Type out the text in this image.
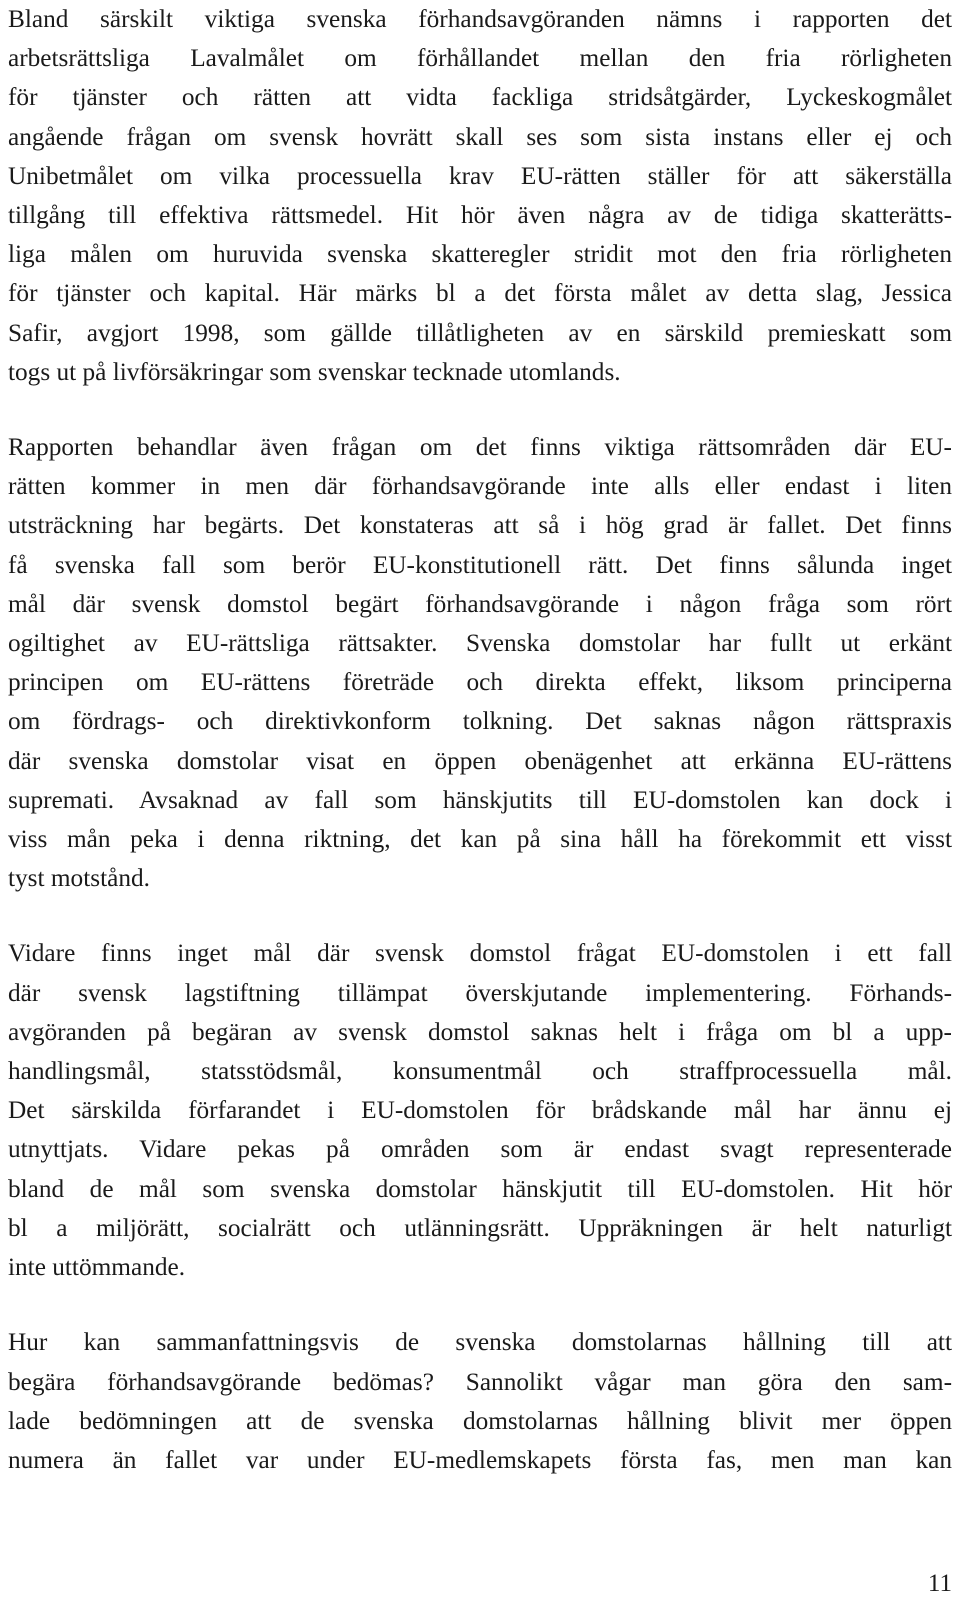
Bland särskilt viktiga svenska förhandsavgöranden nämns i rapporten det
arbetsrättsliga Lavalmålet om förhållandet mellan den fria rörligheten
för tjänster och rätten att vidta fackliga stridsåtgärder, Lyckeskogmålet
angående frågan om svensk hovrätt skall ses som sista instans eller ej och
Unibetmålet om vilka processuella krav EU-rätten ställer för att säkerställa
tillgång till effektiva rättsmedel. Hit hör även några av de tidiga skatterätts-
liga målen om huruvida svenska skatteregler stridit mot den fria rörligheten
för tjänster och kapital. Här märks bl a det första målet av detta slag, Jessica
Safir, avgjort 1998, som gällde tillåtligheten av en särskild premieskatt som
togs ut på livförsäkringar som svenskar tecknade utomlands.

Rapporten behandlar även frågan om det finns viktiga rättsområden där EU-
rätten kommer in men där förhandsavgörande inte alls eller endast i liten
utsträckning har begärts. Det konstateras att så i hög grad är fallet. Det finns
få svenska fall som berör EU-konstitutionell rätt. Det finns sålunda inget
mål där svensk domstol begärt förhandsavgörande i någon fråga som rört
ogiltighet av EU-rättsliga rättsakter. Svenska domstolar har fullt ut erkänt
principen om EU-rättens företräde och direkta effekt, liksom principerna
om fördrags- och direktivkonform tolkning. Det saknas någon rättspraxis
där svenska domstolar visat en öppen obenägenhet att erkänna EU-rättens
supremati. Avsaknad av fall som hänskjutits till EU-domstolen kan dock i
viss mån peka i denna riktning, det kan på sina håll ha förekommit ett visst
tyst motstånd.

Vidare finns inget mål där svensk domstol frågat EU-domstolen i ett fall
där svensk lagstiftning tillämpat överskjutande implementering. Förhands-
avgöranden på begäran av svensk domstol saknas helt i fråga om bl a upp-
handlingsmål, statsstödsmål, konsumentmål och straffprocessuella mål.
Det särskilda förfarandet i EU-domstolen för brådskande mål har ännu ej
utnyttjats. Vidare pekas på områden som är endast svagt representerade
bland de mål som svenska domstolar hänskjutit till EU-domstolen. Hit hör
bl a miljörätt, socialrätt och utlänningsrätt. Uppräkningen är helt naturligt
inte uttömmande.

Hur kan sammanfattningsvis de svenska domstolarnas hållning till att
begära förhandsavgörande bedömas? Sannolikt vågar man göra den sam-
lade bedömningen att de svenska domstolarnas hållning blivit mer öppen
numera än fallet var under EU-medlemskapets första fas, men man kan

11
